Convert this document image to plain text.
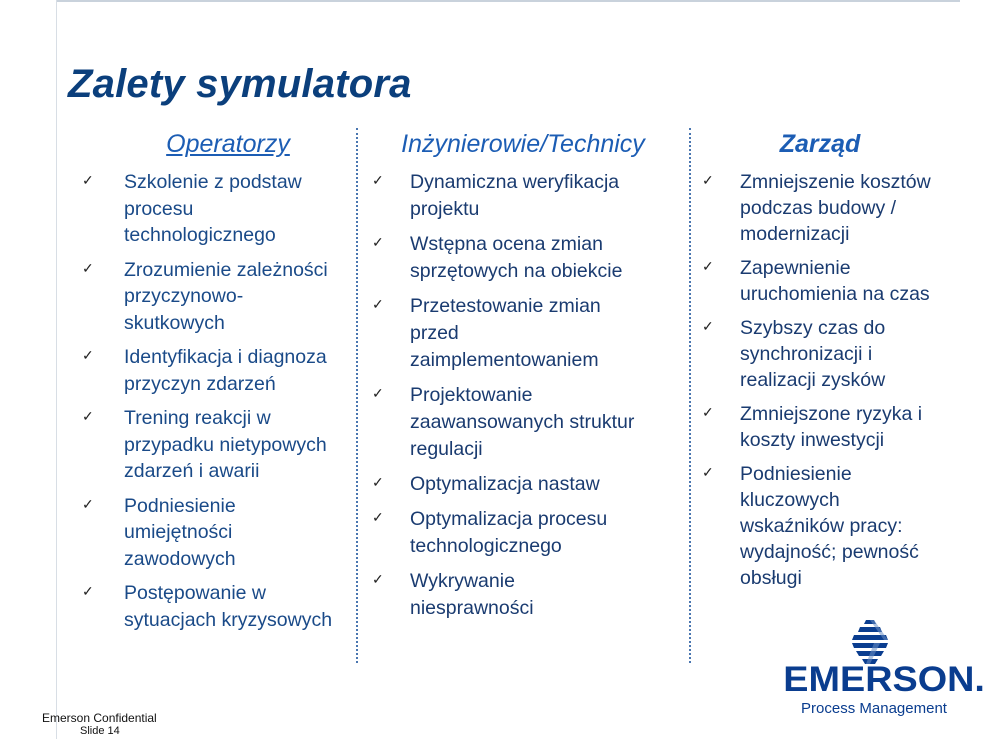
Zalety symulatora
Operatorzy
✓ Szkolenie z podstaw
procesu
technologicznego
✓ Zrozumienie zależności
przyczynowo-
skutkowych
✓ Identyfikacja i diagnoza
przyczyn zdarzeń
✓ Trening reakcji w
przypadku nietypowych
zdarzeń i awarii
✓ Podniesienie
umiejętności
zawodowych
✓ Postępowanie w
sytuacjach kryzysowych
Inżynierowie/Technicy
✓ Dynamiczna weryfikacja
projektu
✓ Wstępna ocena zmian
sprzętowych na obiekcie
✓ Przetestowanie zmian
przed
zaimplementowaniem
✓ Projektowanie
zaawansowanych struktur
regulacji
✓ Optymalizacja nastaw
✓ Optymalizacja procesu
technologicznego
✓ Wykrywanie
niesprawności
Zarząd
✓ Zmniejszenie kosztów
podczas budowy /
modernizacji
✓ Zapewnienie
uruchomienia na czas
✓ Szybszy czas do
synchronizacji i
realizacji zysków
✓ Zmniejszone ryzyka i
koszty inwestycji
✓ Podniesienie
kluczowych
wskaźników pracy:
wydajność; pewność
obsługi
EMERSON.
Process Management
Emerson Confidential
Slide 14
